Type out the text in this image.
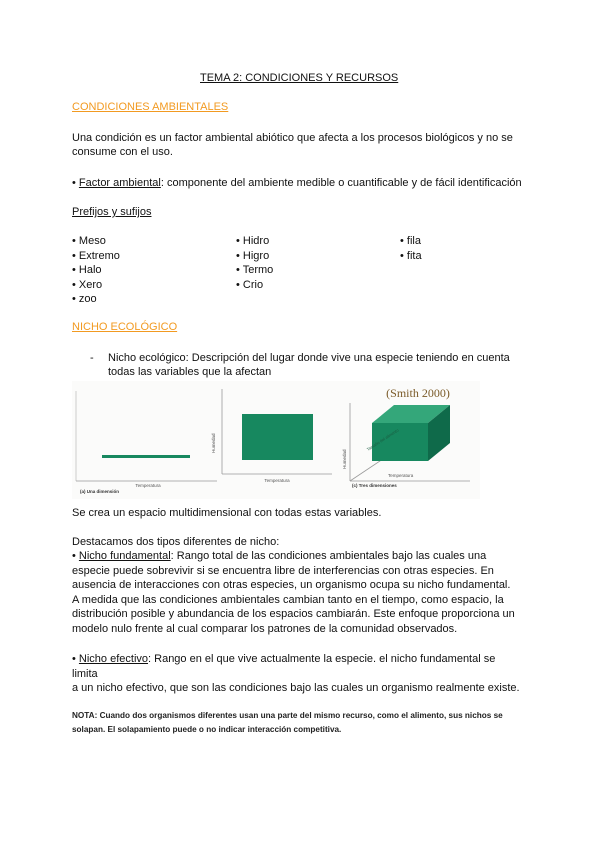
TEMA 2: CONDICIONES Y RECURSOS
CONDICIONES AMBIENTALES
Una condición es un factor ambiental abiótico que afecta a los procesos biológicos y no se
consume con el uso.
• Factor ambiental: componente del ambiente medible o cuantificable y de fácil identificación
Prefijos y sufijos
• Meso
• Extremo
• Halo
• Xero
• zoo
• Hidro
• Higro
• Termo
• Crio
• fila
• fita
NICHO ECOLÓGICO
- Nicho ecológico: Descripción del lugar donde vive una especie teniendo en cuenta
todas las variables que la afectan
Temperatura
(a) Una dimensión
Temperatura
Humedad
(Smith 2000)
Tamaño del alimento
Temperatura
Humedad
(c) Tres dimensiones
Se crea un espacio multidimensional con todas estas variables.
Destacamos dos tipos diferentes de nicho:
• Nicho fundamental: Rango total de las condiciones ambientales bajo las cuales una
especie puede sobrevivir si se encuentra libre de interferencias con otras especies. En
ausencia de interacciones con otras especies, un organismo ocupa su nicho fundamental.
A medida que las condiciones ambientales cambian tanto en el tiempo, como espacio, la
distribución posible y abundancia de los espacios cambiarán. Este enfoque proporciona un
modelo nulo frente al cual comparar los patrones de la comunidad observados.
• Nicho efectivo: Rango en el que vive actualmente la especie. el nicho fundamental se
limita
a un nicho efectivo, que son las condiciones bajo las cuales un organismo realmente existe.
NOTA: Cuando dos organismos diferentes usan una parte del mismo recurso, como el alimento, sus nichos se solapan. El solapamiento puede o no indicar interacción competitiva.
